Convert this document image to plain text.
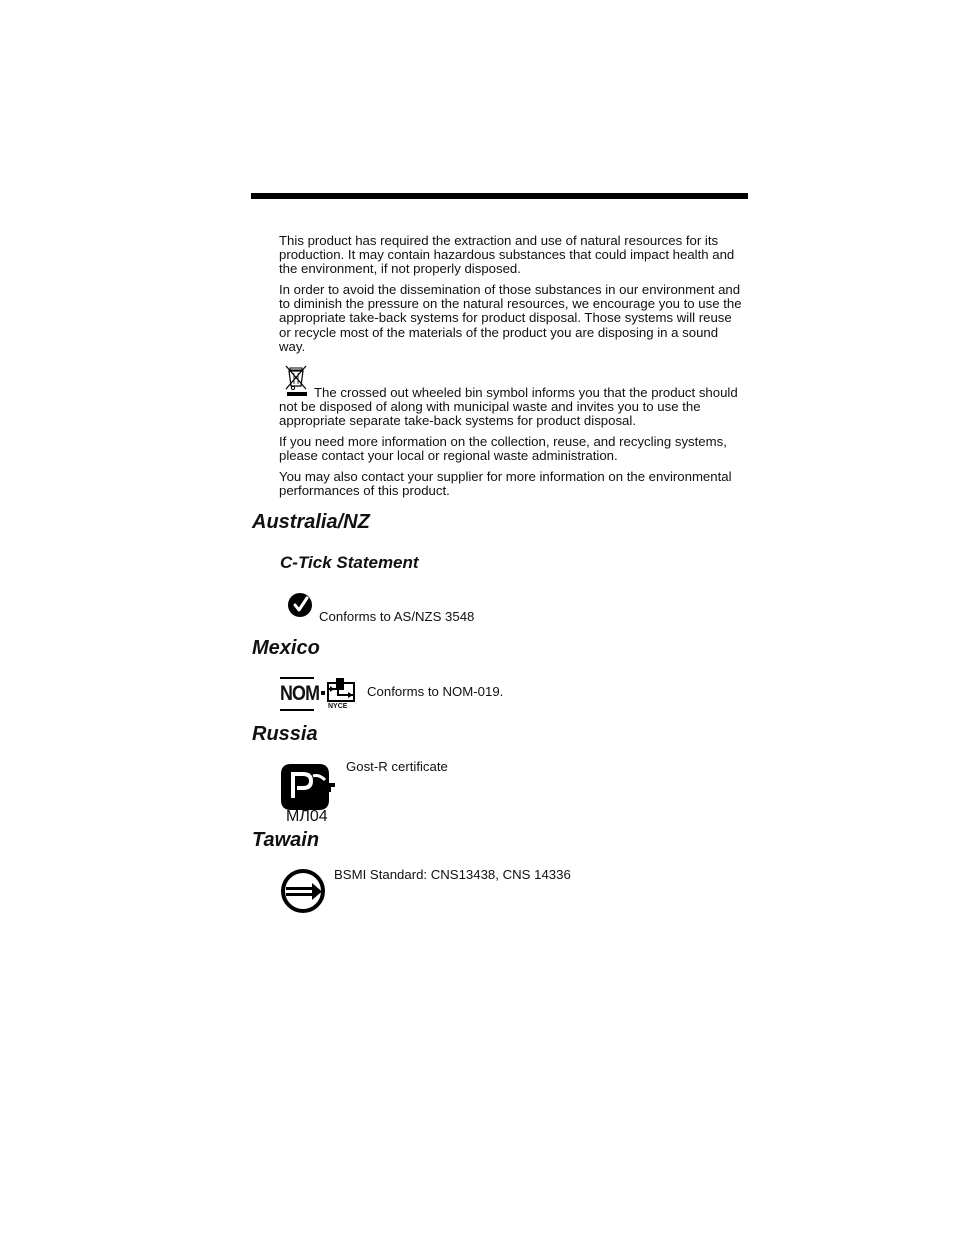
This product has required the extraction and use of natural resources for its production. It may contain hazardous substances that could impact health and the environment, if not properly disposed.

In order to avoid the dissemination of those substances in our environment and to diminish the pressure on the natural resources, we encourage you to use the appropriate take-back systems for product disposal. Those systems will reuse or recycle most of the materials of the product you are disposing in a sound way.

The crossed out wheeled bin symbol informs you that the product should not be disposed of along with municipal waste and invites you to use the appropriate separate take-back systems for product disposal.

If you need more information on the collection, reuse, and recycling systems, please contact your local or regional waste administration.

You may also contact your supplier for more information on the environmental performances of this product.

Australia/NZ
C-Tick Statement

Conforms to AS/NZS 3548

Mexico
NOM

NYCE

Conforms to NOM-019.

Russia

МЛ04

Gost-R certificate

Tawain

BSMI Standard: CNS13438, CNS 14336
